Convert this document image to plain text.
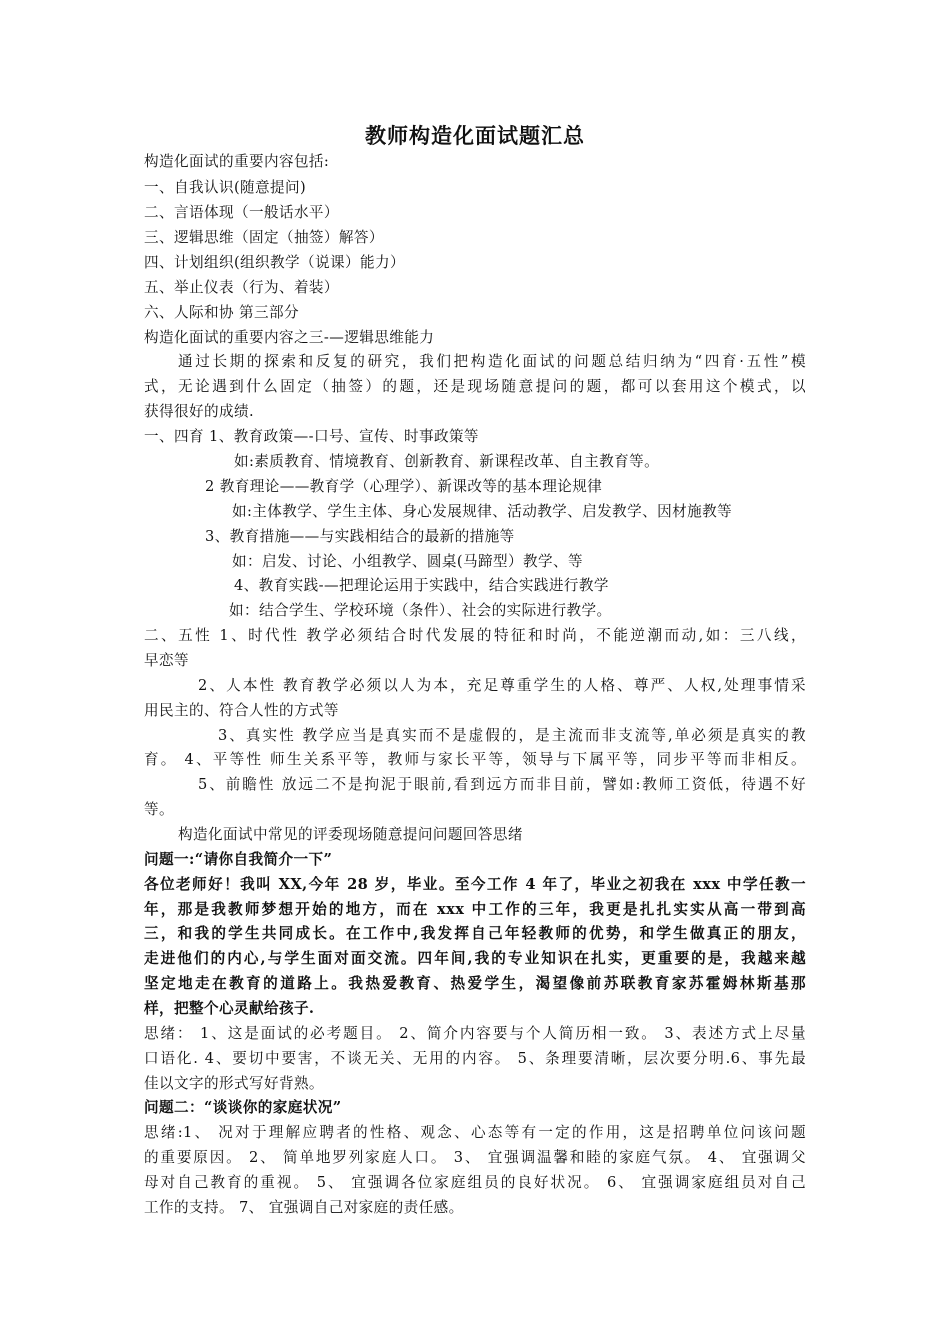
教师构造化面试题汇总
构造化面试的重要内容包括:
一、自我认识(随意提问)
二、言语体现（一般话水平）
三、逻辑思维（固定（抽签）解答）
四、计划组织(组织教学（说课）能力）
五、举止仪表（行为、着装）
六、人际和协 第三部分
构造化面试的重要内容之三-—逻辑思维能力
通过长期的探索和反复的研究，我们把构造化面试的问题总结归纳为“四育·五性”模
式，无论遇到什么固定（抽签）的题，还是现场随意提问的题，都可以套用这个模式，以
获得很好的成绩.
一、四育 1、教育政策—-口号、宣传、时事政策等
如:素质教育、情境教育、创新教育、新课程改革、自主教育等。
2 教育理论——教育学（心理学）、新课改等的基本理论规律
如:主体教学、学生主体、身心发展规律、活动教学、启发教学、因材施教等
3、教育措施——与实践相结合的最新的措施等
如：启发、讨论、小组教学、圆桌(马蹄型）教学、等
4、教育实践-—把理论运用于实践中，结合实践进行教学
如：结合学生、学校环境（条件）、社会的实际进行教学。
二、五性 1、时代性 教学必须结合时代发展的特征和时尚，不能逆潮而动,如：三八线，
早恋等
2、人本性 教育教学必须以人为本，充足尊重学生的人格、尊严、人权,处理事情采
用民主的、符合人性的方式等
3、真实性 教学应当是真实而不是虚假的，是主流而非支流等,单必须是真实的教
育。 4、平等性 师生关系平等，教师与家长平等，领导与下属平等，同步平等而非相反。
5、前瞻性 放远二不是拘泥于眼前,看到远方而非目前，譬如:教师工资低，待遇不好
等。
构造化面试中常见的评委现场随意提问问题回答思绪
问题一:“请你自我简介一下”
各位老师好！我叫 XX,今年 28 岁，毕业。至今工作 4 年了，毕业之初我在 xxx 中学任教一
年，那是我教师梦想开始的地方，而在 xxx 中工作的三年，我更是扎扎实实从高一带到高
三，和我的学生共同成长。在工作中,我发挥自己年轻教师的优势，和学生做真正的朋友，
走进他们的内心,与学生面对面交流。四年间,我的专业知识在扎实，更重要的是，我越来越
坚定地走在教育的道路上。我热爱教育、热爱学生，渴望像前苏联教育家苏霍姆林斯基那
样，把整个心灵献给孩子.
思绪： 1、这是面试的必考题目。 2、简介内容要与个人简历相一致。 3、表述方式上尽量
口语化. 4、要切中要害，不谈无关、无用的内容。 5、条理要清晰，层次要分明.6、事先最
佳以文字的形式写好背熟。
问题二：“谈谈你的家庭状况”
思绪:1、 况对于理解应聘者的性格、观念、心态等有一定的作用，这是招聘单位问该问题
的重要原因。 2、 简单地罗列家庭人口。 3、 宜强调温馨和睦的家庭气氛。 4、 宜强调父
母对自己教育的重视。 5、 宜强调各位家庭组员的良好状况。 6、 宜强调家庭组员对自己
工作的支持。 7、 宜强调自己对家庭的责任感。
